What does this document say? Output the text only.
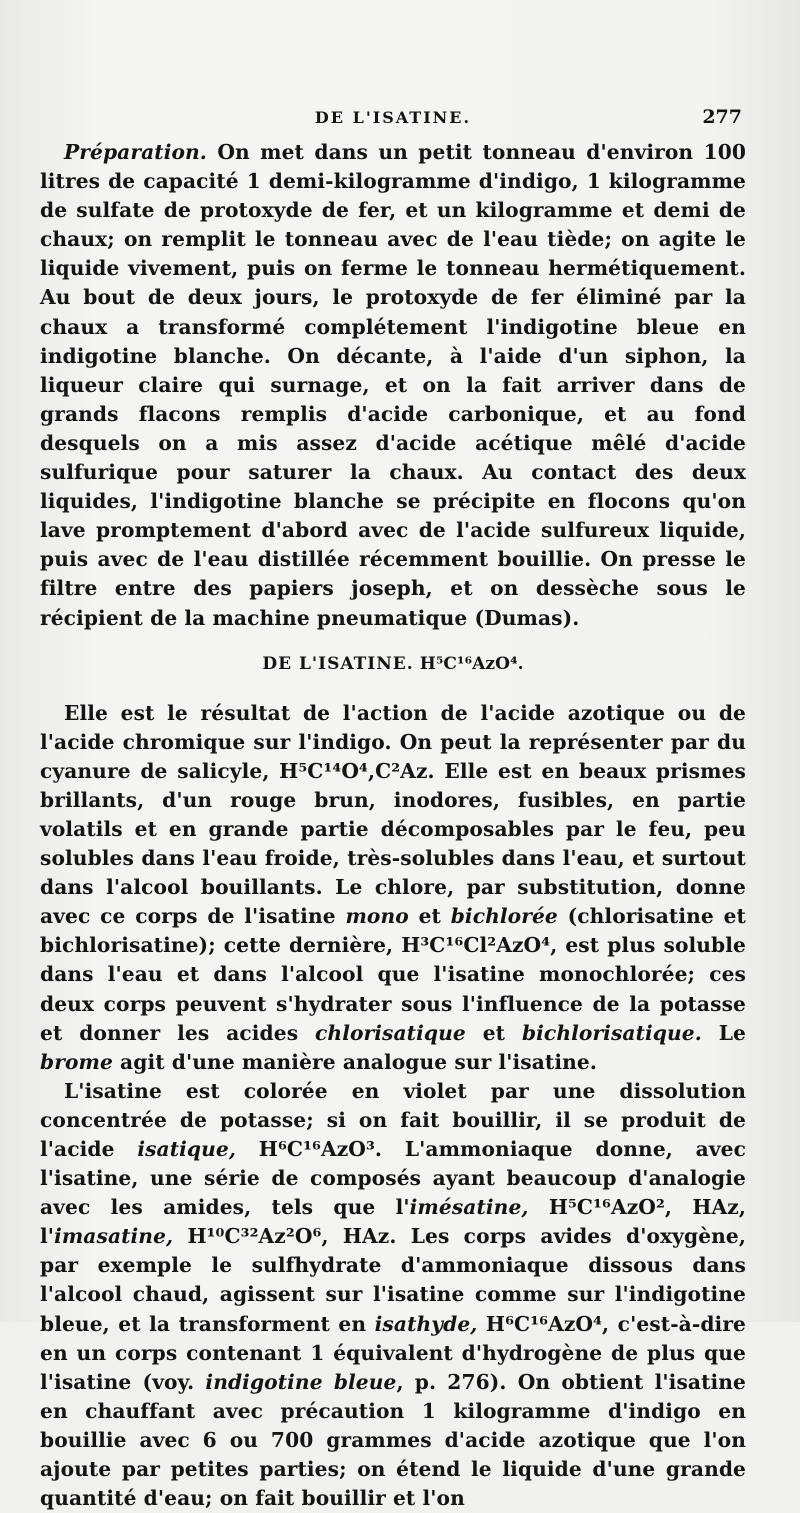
DE L'ISATINE.	277

Préparation. On met dans un petit tonneau d'environ 100 litres de capacité 1 demi-kilogramme d'indigo, 1 kilogramme de sulfate de protoxyde de fer, et un kilogramme et demi de chaux; on remplit le tonneau avec de l'eau tiède; on agite le liquide vivement, puis on ferme le tonneau hermétiquement. Au bout de deux jours, le protoxyde de fer éliminé par la chaux a transformé complétement l'indigotine bleue en indigotine blanche. On décante, à l'aide d'un siphon, la liqueur claire qui surnage, et on la fait arriver dans de grands flacons remplis d'acide carbonique, et au fond desquels on a mis assez d'acide acétique mêlé d'acide sulfurique pour saturer la chaux. Au contact des deux liquides, l'indigotine blanche se précipite en flocons qu'on lave promptement d'abord avec de l'acide sulfureux liquide, puis avec de l'eau distillée récemment bouillie. On presse le filtre entre des papiers joseph, et on dessèche sous le récipient de la machine pneumatique (Dumas).

DE L'ISATINE. H⁵C¹⁶AzO⁴.

Elle est le résultat de l'action de l'acide azotique ou de l'acide chromique sur l'indigo. On peut la représenter par du cyanure de salicyle, H⁵C¹⁴O⁴,C²Az. Elle est en beaux prismes brillants, d'un rouge brun, inodores, fusibles, en partie volatils et en grande partie décomposables par le feu, peu solubles dans l'eau froide, très-solubles dans l'eau, et surtout dans l'alcool bouillants. Le chlore, par substitution, donne avec ce corps de l'isatine mono et bichlorée (chlorisatine et bichlorisatine); cette dernière, H³C¹⁶Cl²AzO⁴, est plus soluble dans l'eau et dans l'alcool que l'isatine monochlorée; ces deux corps peuvent s'hydrater sous l'influence de la potasse et donner les acides chlorisatique et bichlorisatique. Le brome agit d'une manière analogue sur l'isatine.

L'isatine est colorée en violet par une dissolution concentrée de potasse; si on fait bouillir, il se produit de l'acide isatique, H⁶C¹⁶AzO³. L'ammoniaque donne, avec l'isatine, une série de composés ayant beaucoup d'analogie avec les amides, tels que l'imésatine, H⁵C¹⁶AzO², HAz, l'imasatine, H¹⁰C³²Az²O⁶, HAz. Les corps avides d'oxygène, par exemple le sulfhydrate d'ammoniaque dissous dans l'alcool chaud, agissent sur l'isatine comme sur l'indigotine bleue, et la transforment en isathyde, H⁶C¹⁶AzO⁴, c'est-à-dire en un corps contenant 1 équivalent d'hydrogène de plus que l'isatine (voy. indigotine bleue, p. 276). On obtient l'isatine en chauffant avec précaution 1 kilogramme d'indigo en bouillie avec 6 ou 700 grammes d'acide azotique que l'on ajoute par petites parties; on étend le liquide d'une grande quantité d'eau; on fait bouillir et l'on
